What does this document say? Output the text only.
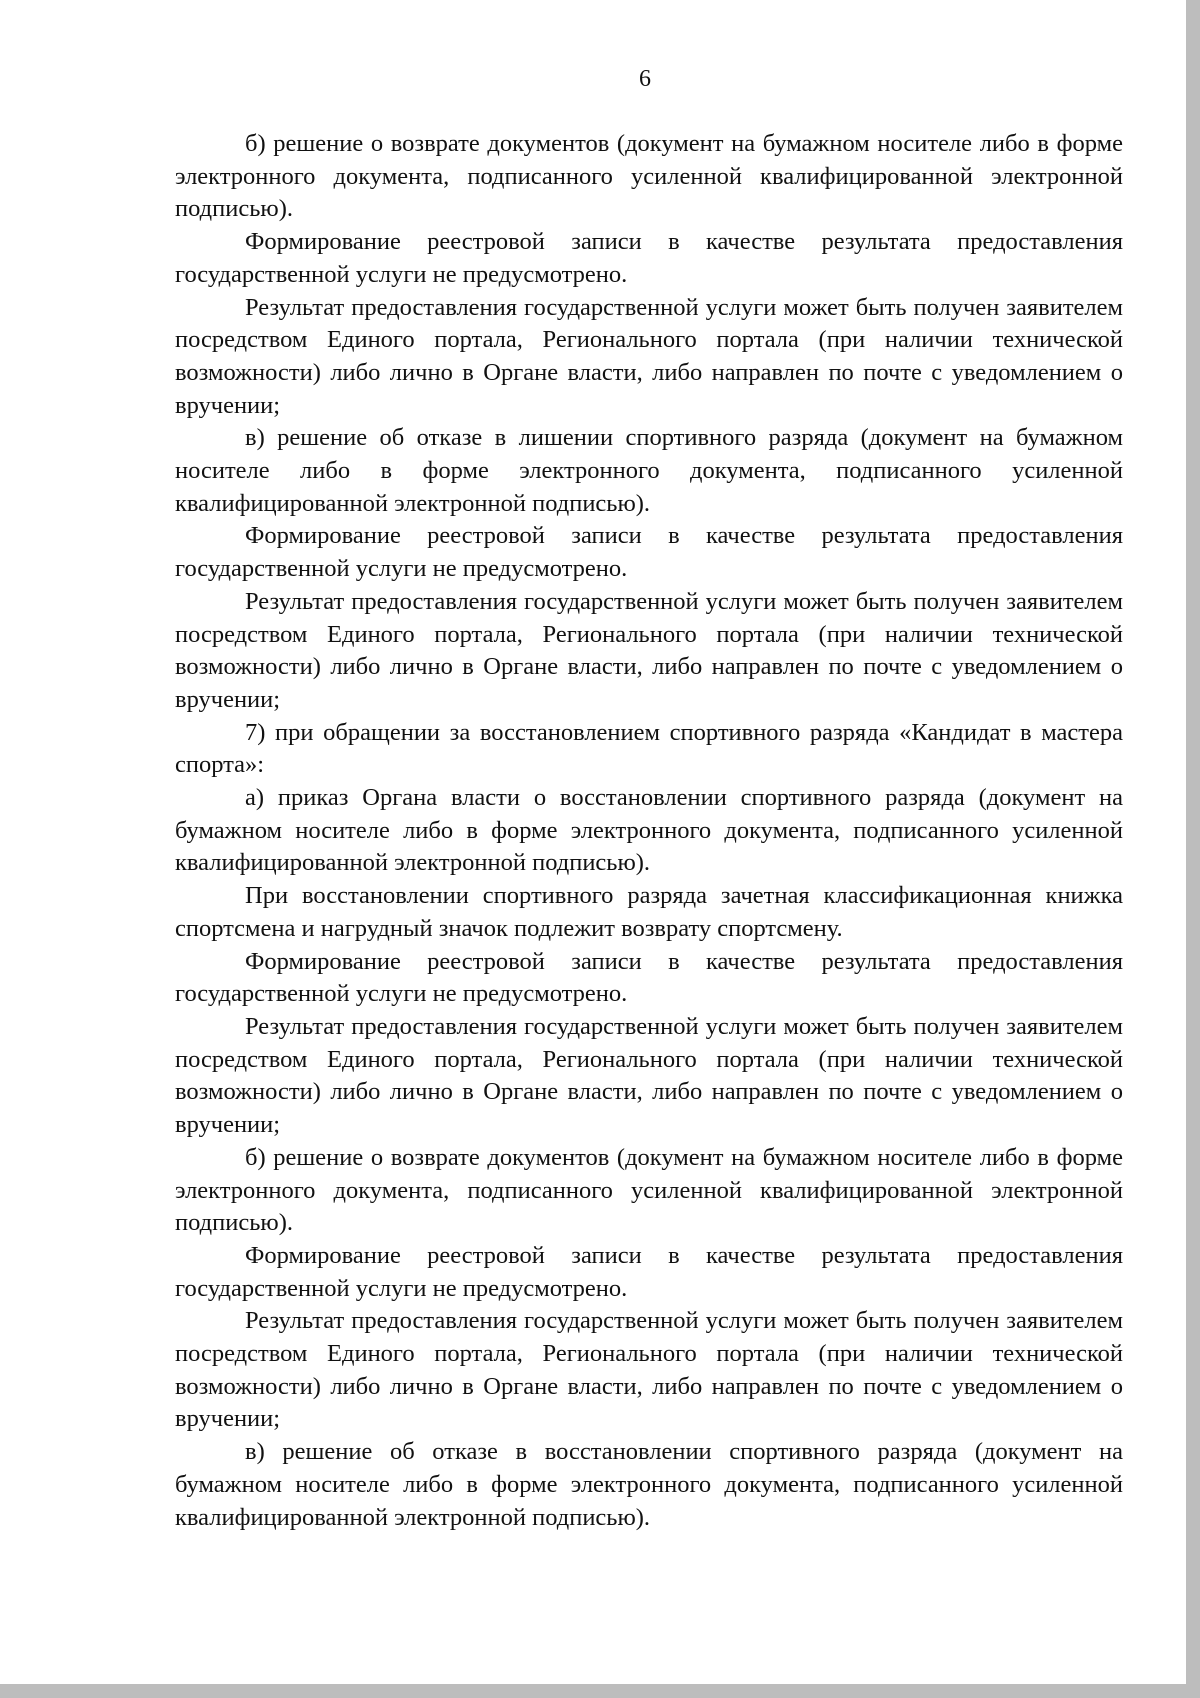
6

б) решение о возврате документов (документ на бумажном носителе либо в форме электронного документа, подписанного усиленной квалифицированной электронной подписью).

Формирование реестровой записи в качестве результата предоставления государственной услуги не предусмотрено.

Результат предоставления государственной услуги может быть получен заявителем посредством Единого портала, Регионального портала (при наличии технической возможности) либо лично в Органе власти, либо направлен по почте с уведомлением о вручении;

в) решение об отказе в лишении спортивного разряда (документ на бумажном носителе либо в форме электронного документа, подписанного усиленной квалифицированной электронной подписью).

Формирование реестровой записи в качестве результата предоставления государственной услуги не предусмотрено.

Результат предоставления государственной услуги может быть получен заявителем посредством Единого портала, Регионального портала (при наличии технической возможности) либо лично в Органе власти, либо направлен по почте с уведомлением о вручении;

7) при обращении за восстановлением спортивного разряда «Кандидат в мастера спорта»:

а) приказ Органа власти о восстановлении спортивного разряда (документ на бумажном носителе либо в форме электронного документа, подписанного усиленной квалифицированной электронной подписью).

При восстановлении спортивного разряда зачетная классификационная книжка спортсмена и нагрудный значок подлежит возврату спортсмену.

Формирование реестровой записи в качестве результата предоставления государственной услуги не предусмотрено.

Результат предоставления государственной услуги может быть получен заявителем посредством Единого портала, Регионального портала (при наличии технической возможности) либо лично в Органе власти, либо направлен по почте с уведомлением о вручении;

б) решение о возврате документов (документ на бумажном носителе либо в форме электронного документа, подписанного усиленной квалифицированной электронной подписью).

Формирование реестровой записи в качестве результата предоставления государственной услуги не предусмотрено.

Результат предоставления государственной услуги может быть получен заявителем посредством Единого портала, Регионального портала (при наличии технической возможности) либо лично в Органе власти, либо направлен по почте с уведомлением о вручении;

в) решение об отказе в восстановлении спортивного разряда (документ на бумажном носителе либо в форме электронного документа, подписанного усиленной квалифицированной электронной подписью).
